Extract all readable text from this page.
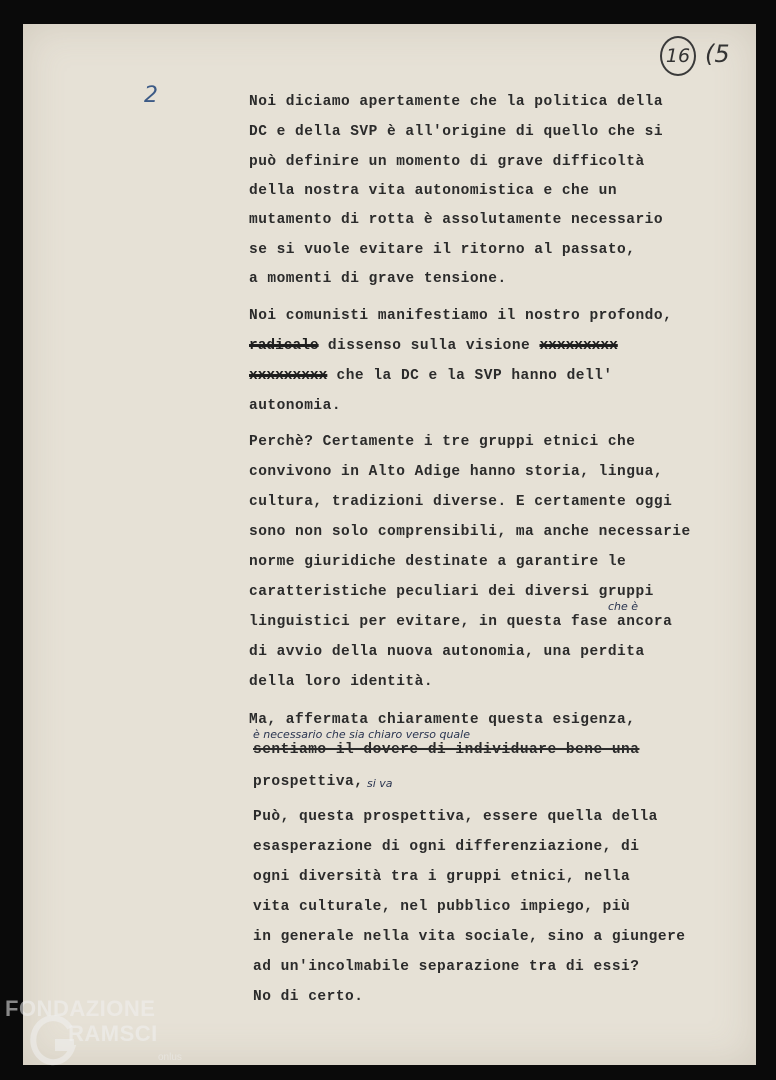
16 (5
2	Noi diciamo apertamente che la politica della
DC e della SVP è all'origine di quello che si
può definire un momento di grave difficoltà
della nostra vita autonomistica e che un
mutamento di rotta è assolutamente necessario
se si vuole evitare il ritorno al passato,
a momenti di grave tensione.
Noi comunisti manifestiamo il nostro profondo,
radicale dissenso sulla visione xxxxxxxxx
xxxxxxxxx che la DC e la SVP hanno dell'
autonomia.
Perchè? Certamente i tre gruppi etnici che
convivono in Alto Adige hanno storia, lingua,
cultura, tradizioni diverse. E certamente oggi
sono non solo comprensibili, ma anche necessarie
norme giuridiche destinate a garantire le
caratteristiche peculiari dei diversi gruppi
che è
linguistici per evitare, in questa fase ancora
di avvio della nuova autonomia, una perdita
della loro identità.
Ma, affermata chiaramente questa esigenza,
è necessario che sia chiaro verso quale
sentiamo il dovere di individuare bene una
prospettiva, si va
Può, questa prospettiva, essere quella della
esasperazione di ogni differenziazione, di
ogni diversità tra i gruppi etnici, nella
vita culturale, nel pubblico impiego, più
in generale nella vita sociale, sino a giungere
ad un'incolmabile separazione tra di essi?
No di certo.
FONDAZIONE
RAMSCI
onlus
